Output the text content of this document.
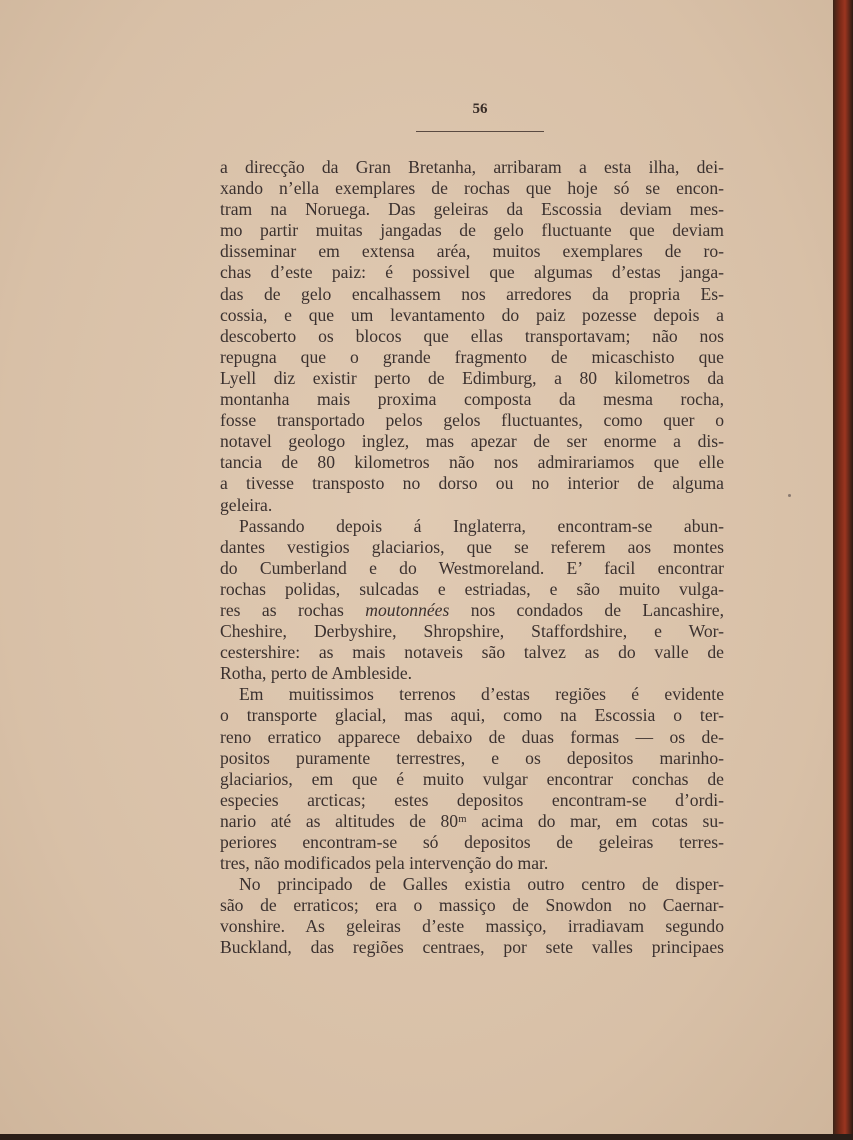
56
a direcção da Gran Bretanha, arribaram a esta ilha, dei-
xando n’ella exemplares de rochas que hoje só se encon-
tram na Noruega. Das geleiras da Escossia deviam mes-
mo partir muitas jangadas de gelo fluctuante que deviam
disseminar em extensa aréa, muitos exemplares de ro-
chas d’este paiz: é possivel que algumas d’estas janga-
das de gelo encalhassem nos arredores da propria Es-
cossia, e que um levantamento do paiz pozesse depois a
descoberto os blocos que ellas transportavam; não nos
repugna que o grande fragmento de micaschisto que
Lyell diz existir perto de Edimburg, a 80 kilometros da
montanha mais proxima composta da mesma rocha,
fosse transportado pelos gelos fluctuantes, como quer o
notavel geologo inglez, mas apezar de ser enorme a dis-
tancia de 80 kilometros não nos admirariamos que elle
a tivesse transposto no dorso ou no interior de alguma
geleira.
Passando depois á Inglaterra, encontram-se abun-
dantes vestigios glaciarios, que se referem aos montes
do Cumberland e do Westmoreland. E’ facil encontrar
rochas polidas, sulcadas e estriadas, e são muito vulga-
res as rochas moutonnées nos condados de Lancashire,
Cheshire, Derbyshire, Shropshire, Staffordshire, e Wor-
cestershire: as mais notaveis são talvez as do valle de
Rotha, perto de Ambleside.
Em muitissimos terrenos d’estas regiões é evidente
o transporte glacial, mas aqui, como na Escossia o ter-
reno erratico apparece debaixo de duas formas — os de-
positos puramente terrestres, e os depositos marinho-
glaciarios, em que é muito vulgar encontrar conchas de
especies arcticas; estes depositos encontram-se d’ordi-
nario até as altitudes de 80ᵐ acima do mar, em cotas su-
periores encontram-se só depositos de geleiras terres-
tres, não modificados pela intervenção do mar.
No principado de Galles existia outro centro de disper-
são de erraticos; era o massiço de Snowdon no Caernar-
vonshire. As geleiras d’este massiço, irradiavam segundo
Buckland, das regiões centraes, por sete valles principaes
